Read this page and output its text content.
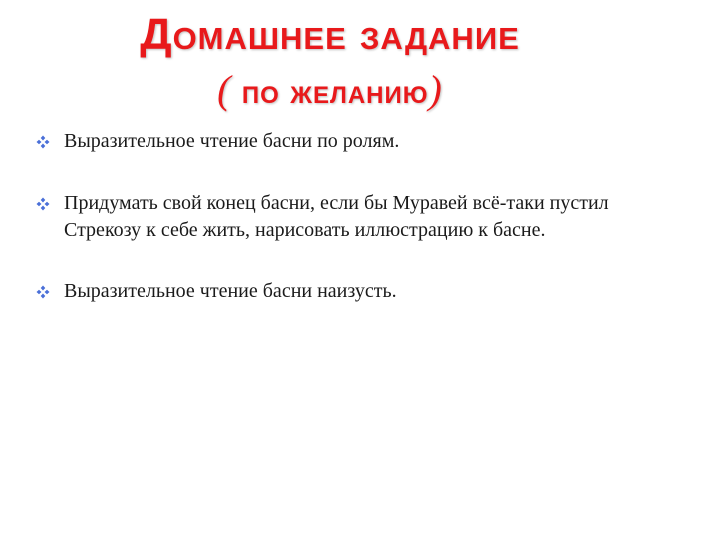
Домашнее задание
( по желанию)
Выразительное чтение басни по ролям.
Придумать свой конец басни, если бы Муравей всё-таки пустил Стрекозу к себе жить, нарисовать иллюстрацию к басне.
Выразительное чтение басни наизусть.
